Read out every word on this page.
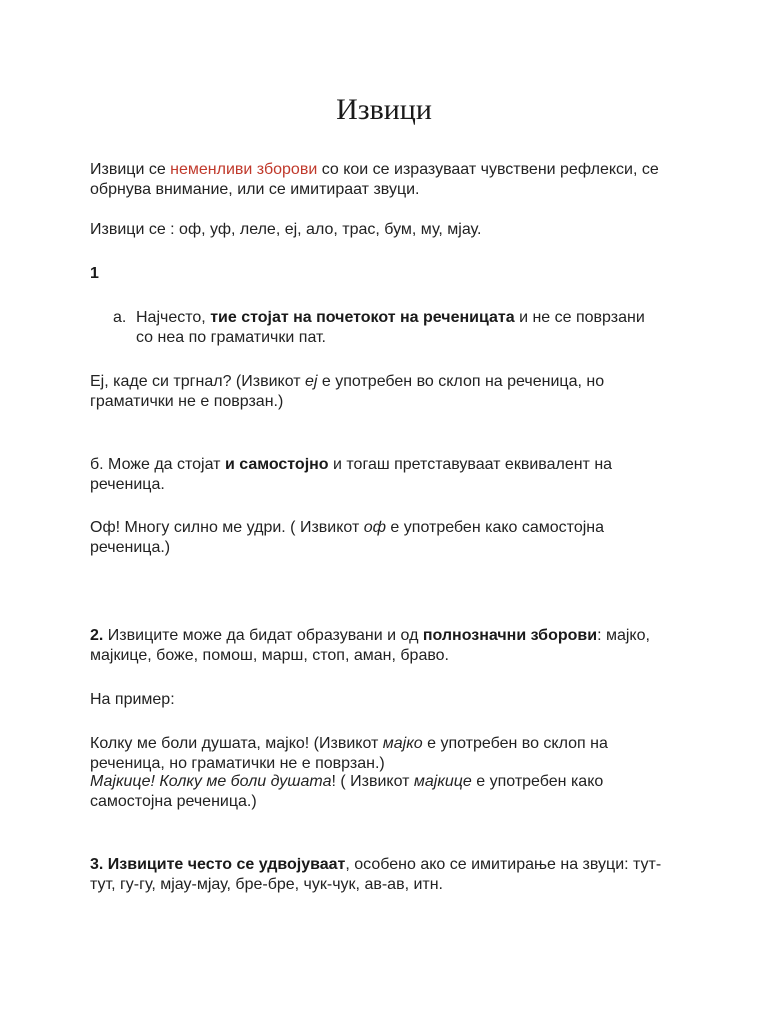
Извици

Извици се неменливи зборови со кои се изразуваат чувствени рефлекси, се обрнува внимание, или се имитираат звуци.

Извици се : оф, уф, леле, еј, ало, трас, бум, му, мјау.

1

a. Најчесто, тие стојат на почетокот на реченицата и не се поврзани
со неа по граматички пат.

Еј, каде си тргнал? (Извикот еј е употребен во склоп на реченица, но граматички не е поврзан.)

б. Може да стојат и самостојно и тогаш претставуваат еквивалент на реченица.

Оф! Многу силно ме удри. ( Извикот оф е употребен како самостојна реченица.)

2. Извиците може да бидат образувани и од полнозначни зборови: мајко, мајкице, боже, помош, марш, стоп, аман, браво.

На пример:

Колку ме боли душата, мајко! (Извикот мајко е употребен во склоп на реченица, но граматички не е поврзан.)

Мајкице! Колку ме боли душата! ( Извикот мајкице е употребен како самостојна реченица.)

3. Извиците често се удвојуваат, особено ако се имитирање на звуци: тут-тут, гу-гу, мјау-мјау, бре-бре, чук-чук, ав-ав, итн.
